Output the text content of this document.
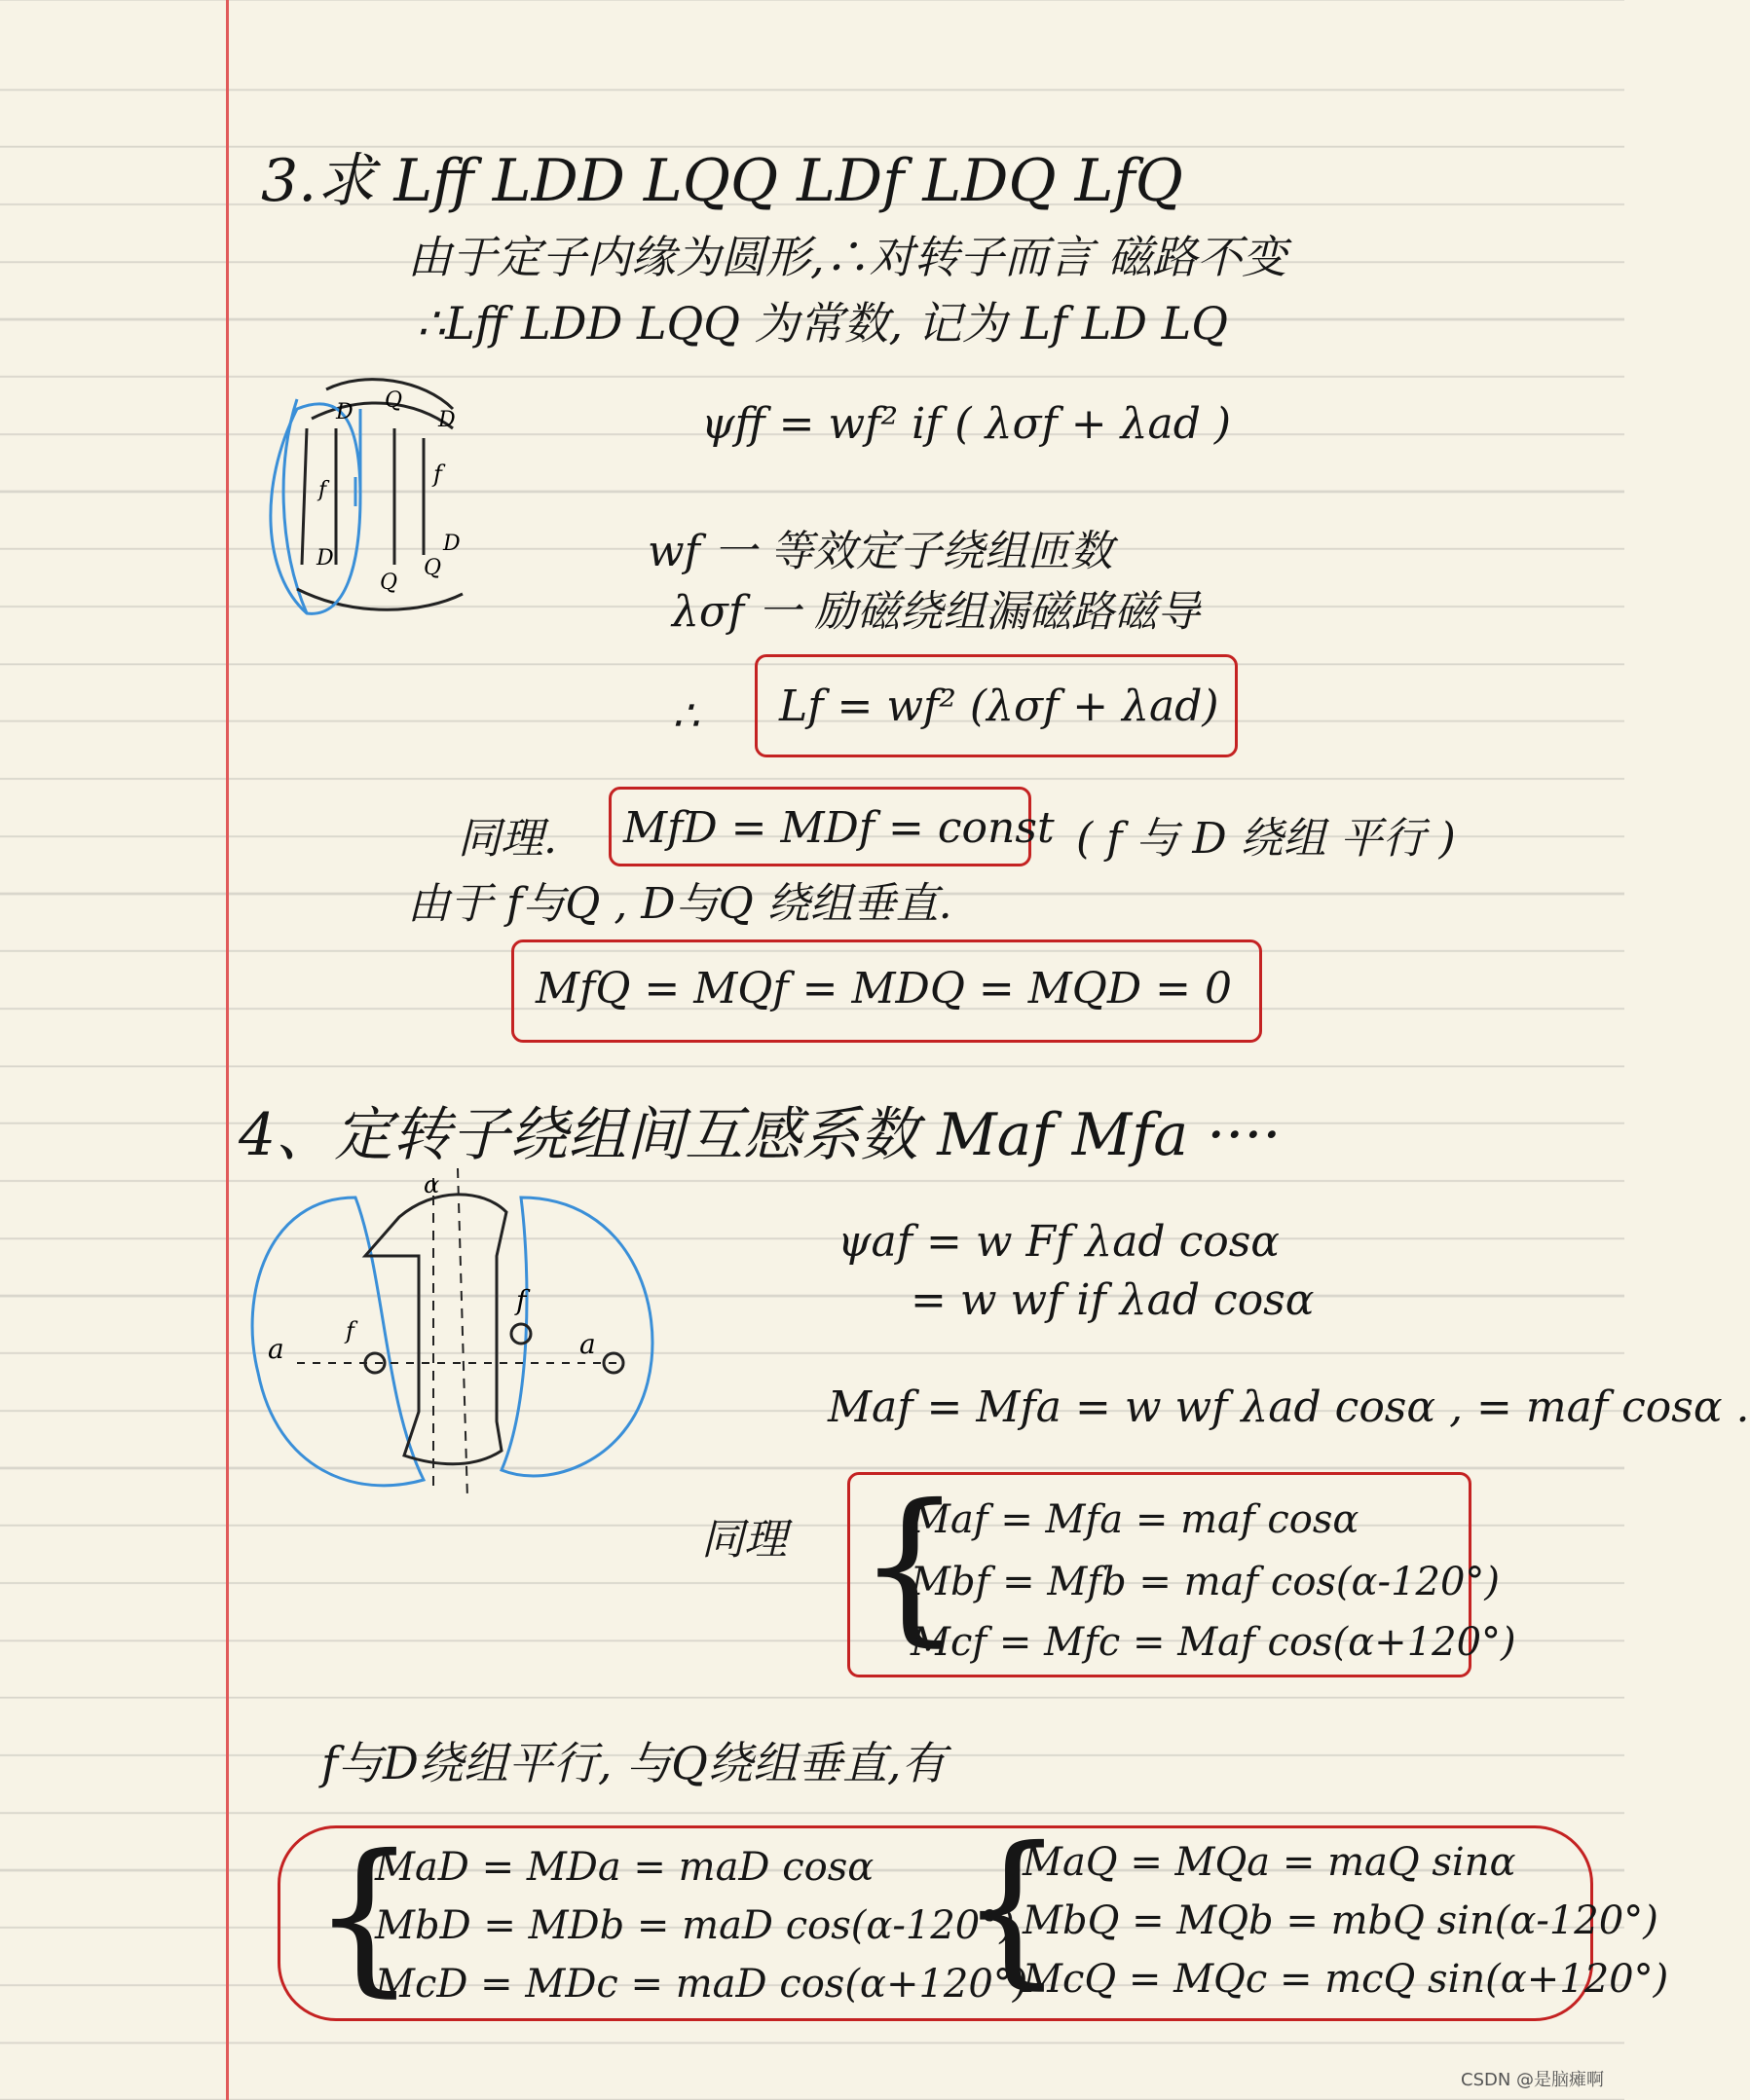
3.求 Lff LDD LQQ LDf LDQ LfQ
由于定子内缘为圆形,∴对转子而言 磁路不变
∴Lff LDD LQQ 为常数, 记为 Lf LD LQ
D Q
D
f
f
D
D
Q
Q
ψff = wf² if ( λσf + λad )
wf 一 等效定子绕组匝数
λσf 一 励磁绕组漏磁路磁导
∴ Lf = wf² (λσf + λad)
同理. MfD = MDf = const ( f 与 D 绕组 平行 )
由于 f与Q , D与Q 绕组垂直.
MfQ = MQf = MDQ = MQD = 0
4、定转子绕组间互感系数 Maf Mfa ····
α
f
a
a
f
ψaf = w Ff λad cosα
= w wf if λad cosα
Maf = Mfa = w wf λad cosα , = maf cosα .
同理 {
Maf = Mfa = maf cosα
Mbf = Mfb = maf cos(α-120°)
Mcf = Mfc = Maf cos(α+120°)
f与D绕组平行, 与Q绕组垂直,有
{
MaD = MDa = maD cosα
MbD = MDb = maD cos(α-120°)
McD = MDc = maD cos(α+120°)
{
MaQ = MQa = maQ sinα
MbQ = MQb = mbQ sin(α-120°)
McQ = MQc = mcQ sin(α+120°)
CSDN @是脑瘫啊
